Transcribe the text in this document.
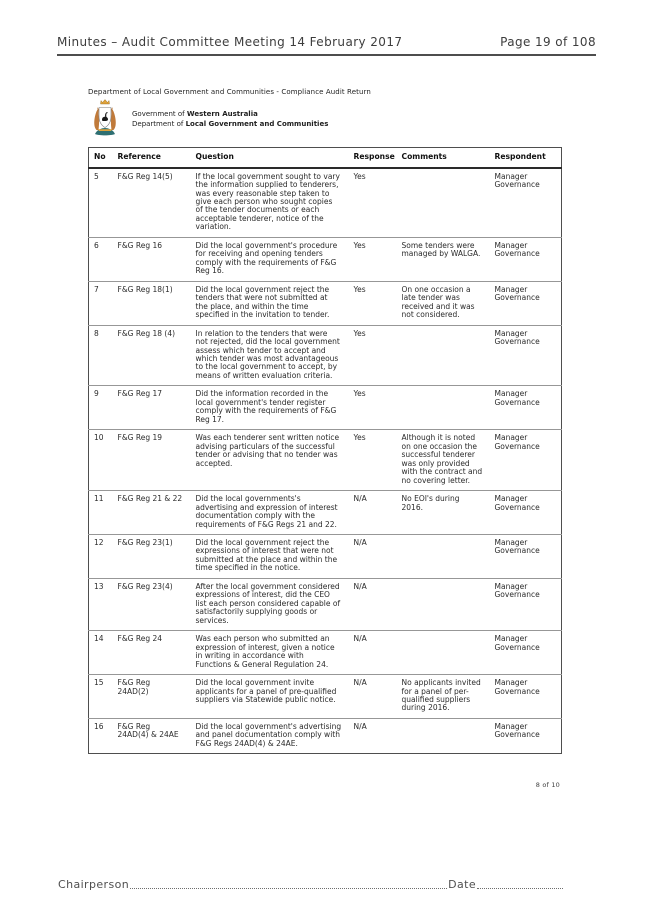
Minutes – Audit Committee Meeting 14 February 2017	Page 19 of 108
Department of Local Government and Communities - Compliance Audit Return
Government of Western Australia
Department of Local Government and Communities
No	Reference	Question	Response	Comments	Respondent
5	F&G Reg 14(5)	If the local government sought to vary the information supplied to tenderers, was every reasonable step taken to give each person who sought copies of the tender documents or each acceptable tenderer, notice of the variation.	Yes		Manager Governance
6	F&G Reg 16	Did the local government's procedure for receiving and opening tenders comply with the requirements of F&G Reg 16.	Yes	Some tenders were managed by WALGA.	Manager Governance
7	F&G Reg 18(1)	Did the local government reject the tenders that were not submitted at the place, and within the time specified in the invitation to tender.	Yes	On one occasion a late tender was received and it was not considered.	Manager Governance
8	F&G Reg 18 (4)	In relation to the tenders that were not rejected, did the local government assess which tender to accept and which tender was most advantageous to the local government to accept, by means of written evaluation criteria.	Yes		Manager Governance
9	F&G Reg 17	Did the information recorded in the local government's tender register comply with the requirements of F&G Reg 17.	Yes		Manager Governance
10	F&G Reg 19	Was each tenderer sent written notice advising particulars of the successful tender or advising that no tender was accepted.	Yes	Although it is noted on one occasion the successful tenderer was only provided with the contract and no covering letter.	Manager Governance
11	F&G Reg 21 & 22	Did the local governments's advertising and expression of interest documentation comply with the requirements of F&G Regs 21 and 22.	N/A	No EOI's during 2016.	Manager Governance
12	F&G Reg 23(1)	Did the local government reject the expressions of interest that were not submitted at the place and within the time specified in the notice.	N/A		Manager Governance
13	F&G Reg 23(4)	After the local government considered expressions of interest, did the CEO list each person considered capable of satisfactorily supplying goods or services.	N/A		Manager Governance
14	F&G Reg 24	Was each person who submitted an expression of interest, given a notice in writing in accordance with Functions & General Regulation 24.	N/A		Manager Governance
15	F&G Reg 24AD(2)	Did the local government invite applicants for a panel of pre-qualified suppliers via Statewide public notice.	N/A	No applicants invited for a panel of per-qualified suppliers during 2016.	Manager Governance
16	F&G Reg 24AD(4) & 24AE	Did the local government's advertising and panel documentation comply with F&G Regs 24AD(4) & 24AE.	N/A		Manager Governance
8 of 10
Chairperson	Date
